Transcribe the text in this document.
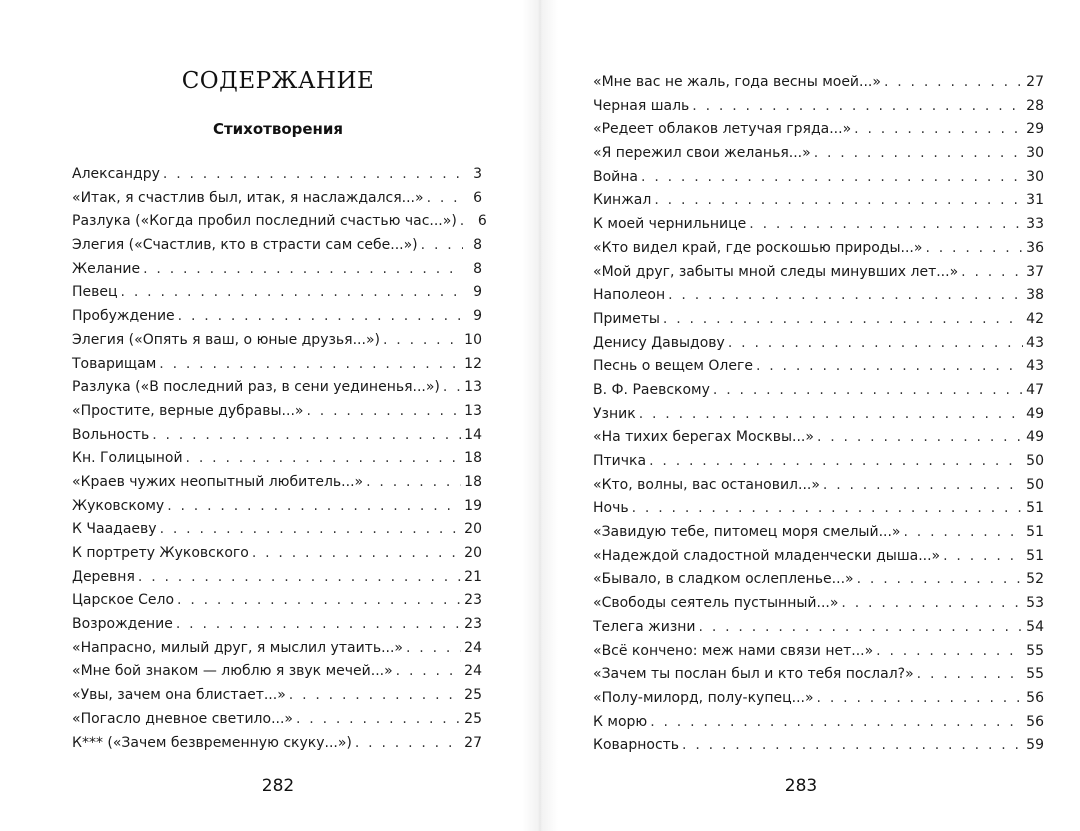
СОДЕРЖАНИЕ
Стихотворения
Александру . . .	3
«Итак, я счастлив был, итак, я наслаждался...» . . .	6
Разлука («Когда пробил последний счастью час...») . . .	6
Элегия («Счастлив, кто в страсти сам себе...») . . .	8
Желание . . .	8
Певец . . .	9
Пробуждение . . .	9
Элегия («Опять я ваш, о юные друзья...») . . .	10
Товарищам . . .	12
Разлука («В последний раз, в сени уединенья...») . . . 13
«Простите, верные дубравы...» . . .	13
Вольность . . .	14
Кн. Голицыной . . .	18
«Краев чужих неопытный любитель...» . . .	18
Жуковскому . . .	19
К Чаадаеву . . .	20
К портрету Жуковского . . .	20
Деревня . . .	21
Царское Село . . .	23
Возрождение . . .	23
«Напрасно, милый друг, я мыслил утаить...» . . .	24
«Мне бой знаком — люблю я звук мечей...» . . .	24
«Увы, зачем она блистает...» . . .	25
«Погасло дневное светило...» . . .	25
К*** («Зачем безвременную скуку...») . . .	27
282
«Мне вас не жаль, года весны моей...» . . .	27
Черная шаль . . .	28
«Редеет облаков летучая гряда...» . . .	29
«Я пережил свои желанья...» . . .	30
Война . . .	30
Кинжал . . .	31
К моей чернильнице . . .	33
«Кто видел край, где роскошью природы...» . . .	36
«Мой друг, забыты мной следы минувших лет...» . . .	37
Наполеон . . .	38
Приметы . . .	42
Денису Давыдову . . .	43
Песнь о вещем Олеге . . .	43
В. Ф. Раевскому . . .	47
Узник . . .	49
«На тихих берегах Москвы...» . . .	49
Птичка . . .	50
«Кто, волны, вас остановил...» . . .	50
Ночь . . .	51
«Завидую тебе, питомец моря смелый...» . . .	51
«Надеждой сладостной младенчески дыша...» . . .	51
«Бывало, в сладком ослепленье...» . . .	52
«Свободы сеятель пустынный...» . . .	53
Телега жизни . . .	54
«Всё кончено: меж нами связи нет...» . . .	55
«Зачем ты послан был и кто тебя послал?» . . .	55
«Полу-милорд, полу-купец...» . . .	56
К морю . . .	56
Коварность . . .	59
283
